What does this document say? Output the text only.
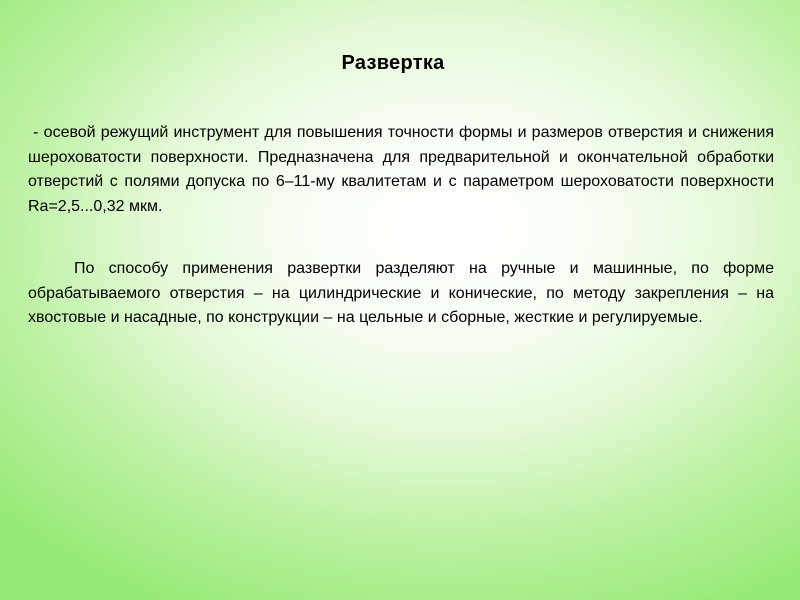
Развертка

- осевой режущий инструмент для повышения точности формы и размеров отверстия и снижения шероховатости поверхности. Предназначена для предварительной и окончательной обработки отверстий с полями допуска по 6–11-му квалитетам и с параметром шероховатости поверхности Ra=2,5...0,32 мкм.

По способу применения развертки разделяют на ручные и машинные, по форме обрабатываемого отверстия – на цилиндрические и конические, по методу закрепления – на хвостовые и насадные, по конструкции – на цельные и сборные, жесткие и регулируемые.
